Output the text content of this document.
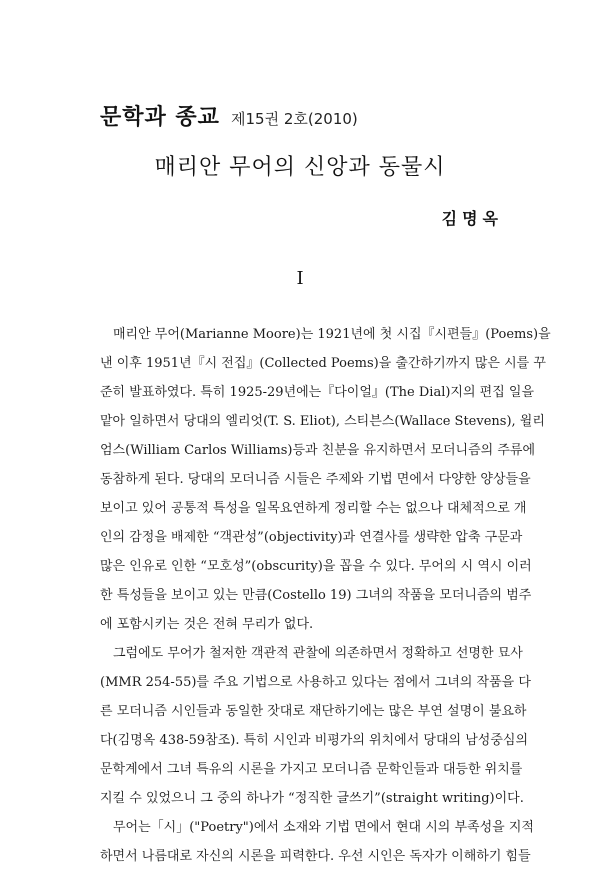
문학과 종교 제15권 2호(2010)
매리안 무어의 신앙과 동물시
김명옥
I
매리안 무어(Marianne Moore)는 1921년에 첫 시집『시편들』(Poems)을
낸 이후 1951년『시 전집』(Collected Poems)을 출간하기까지 많은 시를 꾸
준히 발표하였다. 특히 1925-29년에는『다이얼』(The Dial)지의 편집 일을
맡아 일하면서 당대의 엘리엇(T. S. Eliot), 스티븐스(Wallace Stevens), 윌리
엄스(William Carlos Williams)등과 친분을 유지하면서 모더니즘의 주류에
동참하게 된다. 당대의 모더니즘 시들은 주제와 기법 면에서 다양한 양상들을
보이고 있어 공통적 특성을 일목요연하게 정리할 수는 없으나 대체적으로 개
인의 감정을 배제한 “객관성”(objectivity)과 연결사를 생략한 압축 구문과
많은 인유로 인한 “모호성”(obscurity)을 꼽을 수 있다. 무어의 시 역시 이러
한 특성들을 보이고 있는 만큼(Costello 19) 그녀의 작품을 모더니즘의 범주
에 포함시키는 것은 전혀 무리가 없다.
그럼에도 무어가 철저한 객관적 관찰에 의존하면서 정확하고 선명한 묘사
(MMR 254-55)를 주요 기법으로 사용하고 있다는 점에서 그녀의 작품을 다
른 모더니즘 시인들과 동일한 잣대로 재단하기에는 많은 부연 설명이 불요하
다(김명옥 438-59참조). 특히 시인과 비평가의 위치에서 당대의 남성중심의
문학계에서 그녀 특유의 시론을 가지고 모더니즘 문학인들과 대등한 위치를
지킬 수 있었으니 그 중의 하나가 “정직한 글쓰기”(straight writing)이다.
무어는「시」("Poetry")에서 소재와 기법 면에서 현대 시의 부족성을 지적
하면서 나름대로 자신의 시론을 피력한다. 우선 시인은 독자가 이해하기 힘들
